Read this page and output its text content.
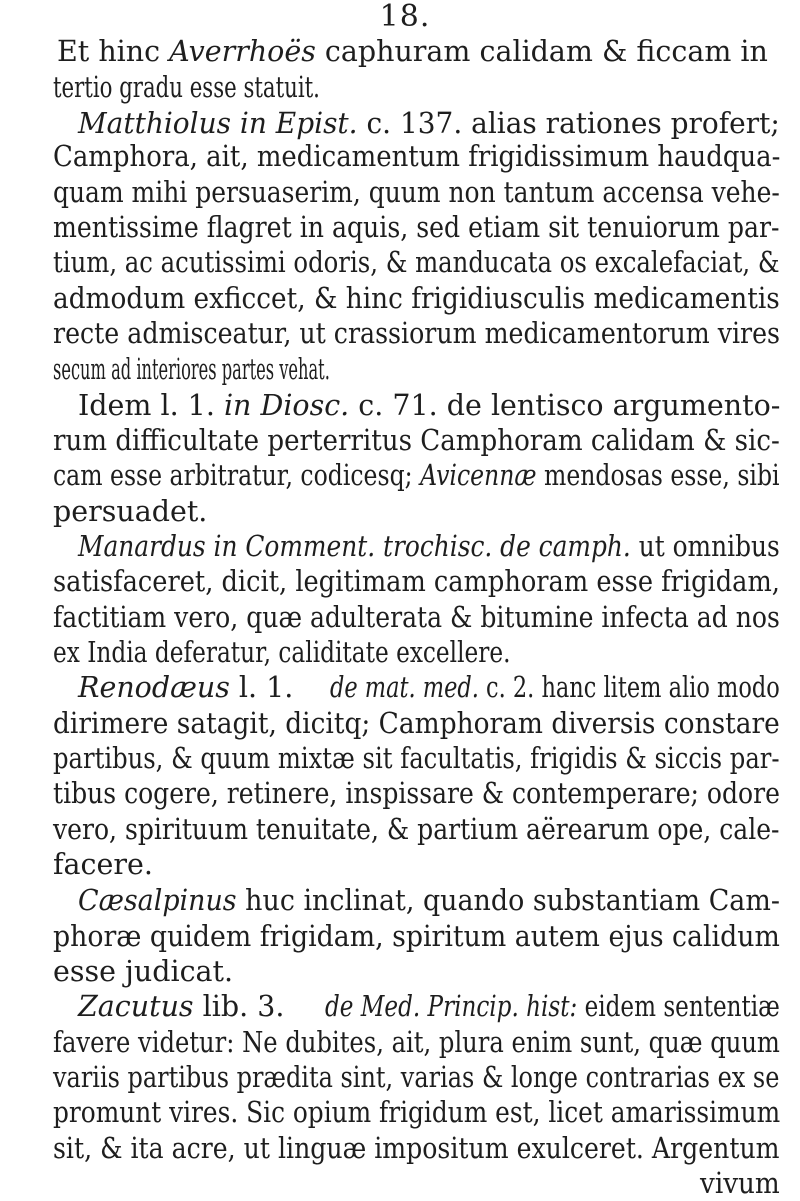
18.
Et hinc Averrhoës caphuram calidam & ficcam in
tertio gradu esse statuit.
Matthiolus in Epist. c. 137. alias rationes profert;
Camphora, ait, medicamentum frigidissimum haudqua-
quam mihi persuaserim, quum non tantum accensa vehe-
mentissime flagret in aquis, sed etiam sit tenuiorum par-
tium, ac acutissimi odoris, & manducata os excalefaciat, &
admodum exficcet, & hinc frigidiusculis medicamentis
recte admisceatur, ut crassiorum medicamentorum vires
secum ad interiores partes vehat.
Idem l. 1. in Diosc. c. 71. de lentisco argumento-
rum difficultate perterritus Camphoram calidam & sic-
cam esse arbitratur, codicesq; Avicennæ mendosas esse, sibi
persuadet.
Manardus in Comment. trochisc. de camph. ut omnibus
satisfaceret, dicit, legitimam camphoram esse frigidam,
factitiam vero, quæ adulterata & bitumine infecta ad nos
ex India deferatur, caliditate excellere.
Renodæus l. 1. de mat. med. c. 2. hanc litem alio modo
dirimere satagit, dicitq; Camphoram diversis constare
partibus, & quum mixtæ sit facultatis, frigidis & siccis par-
tibus cogere, retinere, inspissare & contemperare; odore
vero, spirituum tenuitate, & partium aërearum ope, cale-
facere.
Cæsalpinus huc inclinat, quando substantiam Cam-
phoræ quidem frigidam, spiritum autem ejus calidum
esse judicat.
Zacutus lib. 3. de Med. Princip. hist: eidem sententiæ
favere videtur: Ne dubites, ait, plura enim sunt, quæ quum
variis partibus prædita sint, varias & longe contrarias ex se
promunt vires. Sic opium frigidum est, licet amarissimum
sit, & ita acre, ut linguæ impositum exulceret. Argentum
vivum
